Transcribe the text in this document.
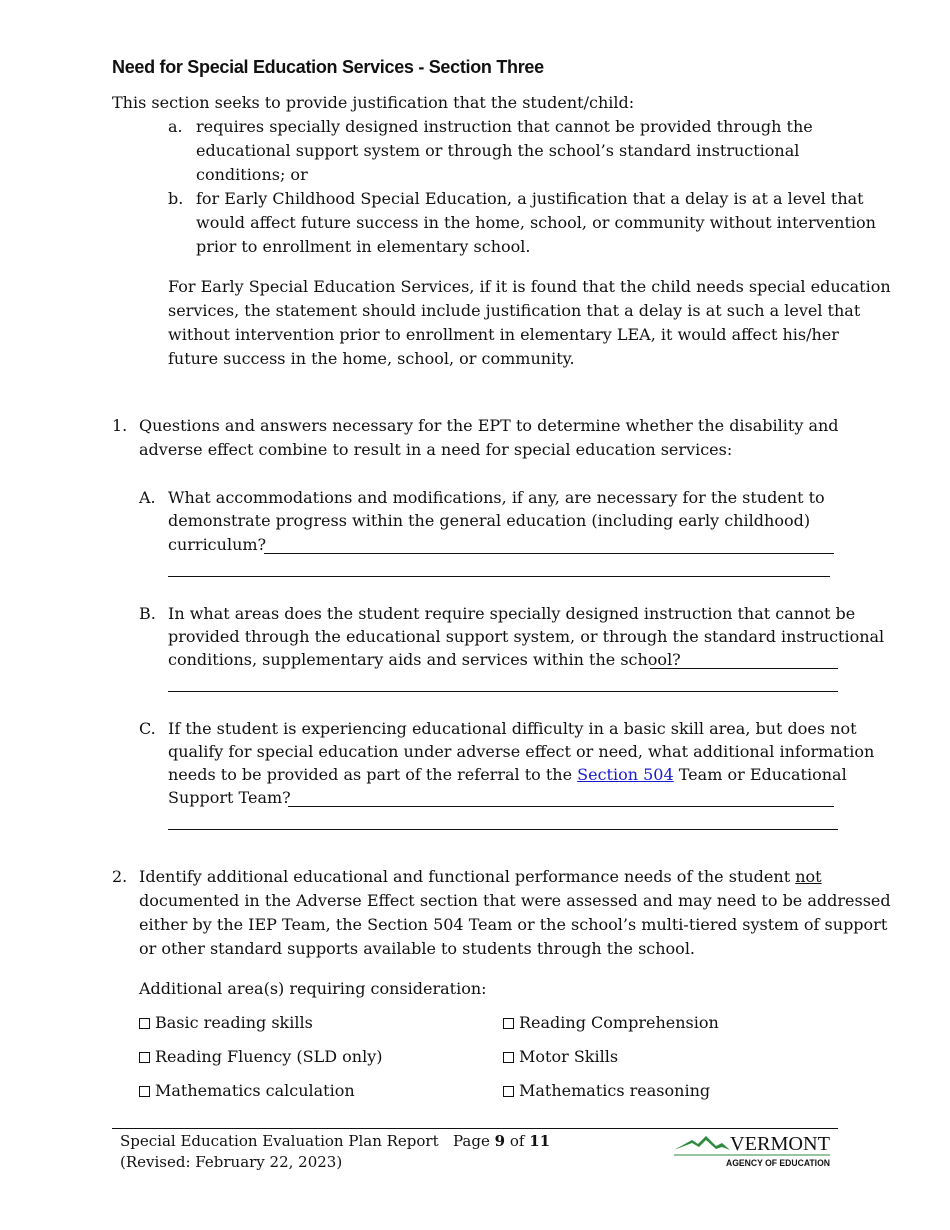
Need for Special Education Services - Section Three
This section seeks to provide justification that the student/child:
a. requires specially designed instruction that cannot be provided through the
educational support system or through the school’s standard instructional
conditions; or
b. for Early Childhood Special Education, a justification that a delay is at a level that
would affect future success in the home, school, or community without intervention
prior to enrollment in elementary school.
For Early Special Education Services, if it is found that the child needs special education
services, the statement should include justification that a delay is at such a level that
without intervention prior to enrollment in elementary LEA, it would affect his/her
future success in the home, school, or community.
1. Questions and answers necessary for the EPT to determine whether the disability and
adverse effect combine to result in a need for special education services:
A. What accommodations and modifications, if any, are necessary for the student to
demonstrate progress within the general education (including early childhood)
curriculum?
B. In what areas does the student require specially designed instruction that cannot be
provided through the educational support system, or through the standard instructional
conditions, supplementary aids and services within the school?
C. If the student is experiencing educational difficulty in a basic skill area, but does not
qualify for special education under adverse effect or need, what additional information
needs to be provided as part of the referral to the Section 504 Team or Educational
Support Team?
2. Identify additional educational and functional performance needs of the student not
documented in the Adverse Effect section that were assessed and may need to be addressed
either by the IEP Team, the Section 504 Team or the school’s multi-tiered system of support
or other standard supports available to students through the school.
Additional area(s) requiring consideration:
Basic reading skills	Reading Comprehension
Reading Fluency (SLD only)	Motor Skills
Mathematics calculation	Mathematics reasoning
Special Education Evaluation Plan Report
(Revised: February 22, 2023)
Page 9 of 11	VERMONT
AGENCY OF EDUCATION
